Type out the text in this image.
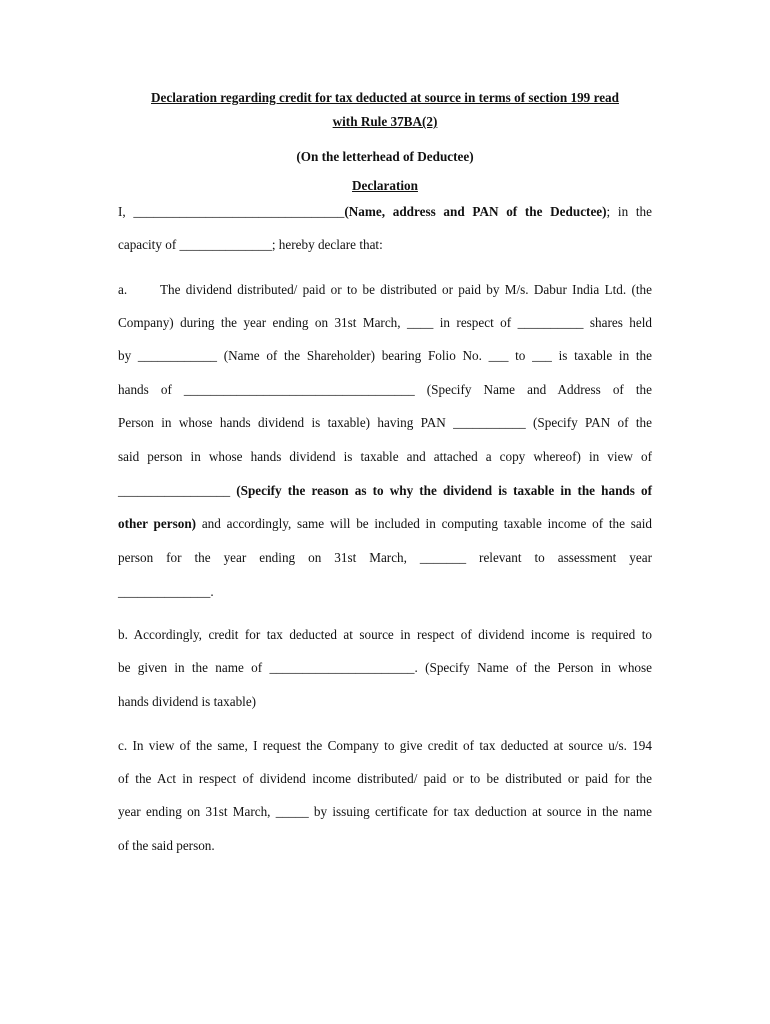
Declaration regarding credit for tax deducted at source in terms of section 199 read
with Rule 37BA(2)
(On the letterhead of Deductee)
Declaration
I, ________________________________(Name, address and PAN of the Deductee); in the
capacity of ______________; hereby declare that:
a. The dividend distributed/ paid or to be distributed or paid by M/s. Dabur India Ltd. (the
Company) during the year ending on 31st March, ____ in respect of __________ shares held
by ____________ (Name of the Shareholder) bearing Folio No. ___ to ___ is taxable in the
hands of ___________________________________ (Specify Name and Address of the
Person in whose hands dividend is taxable) having PAN ___________ (Specify PAN of the
said person in whose hands dividend is taxable and attached a copy whereof) in view of
_________________ (Specify the reason as to why the dividend is taxable in the hands of
other person) and accordingly, same will be included in computing taxable income of the said
person for the year ending on 31st March, _______ relevant to assessment year
______________.
b. Accordingly, credit for tax deducted at source in respect of dividend income is required to
be given in the name of ______________________. (Specify Name of the Person in whose
hands dividend is taxable)
c. In view of the same, I request the Company to give credit of tax deducted at source u/s. 194
of the Act in respect of dividend income distributed/ paid or to be distributed or paid for the
year ending on 31st March, _____ by issuing certificate for tax deduction at source in the name
of the said person.
